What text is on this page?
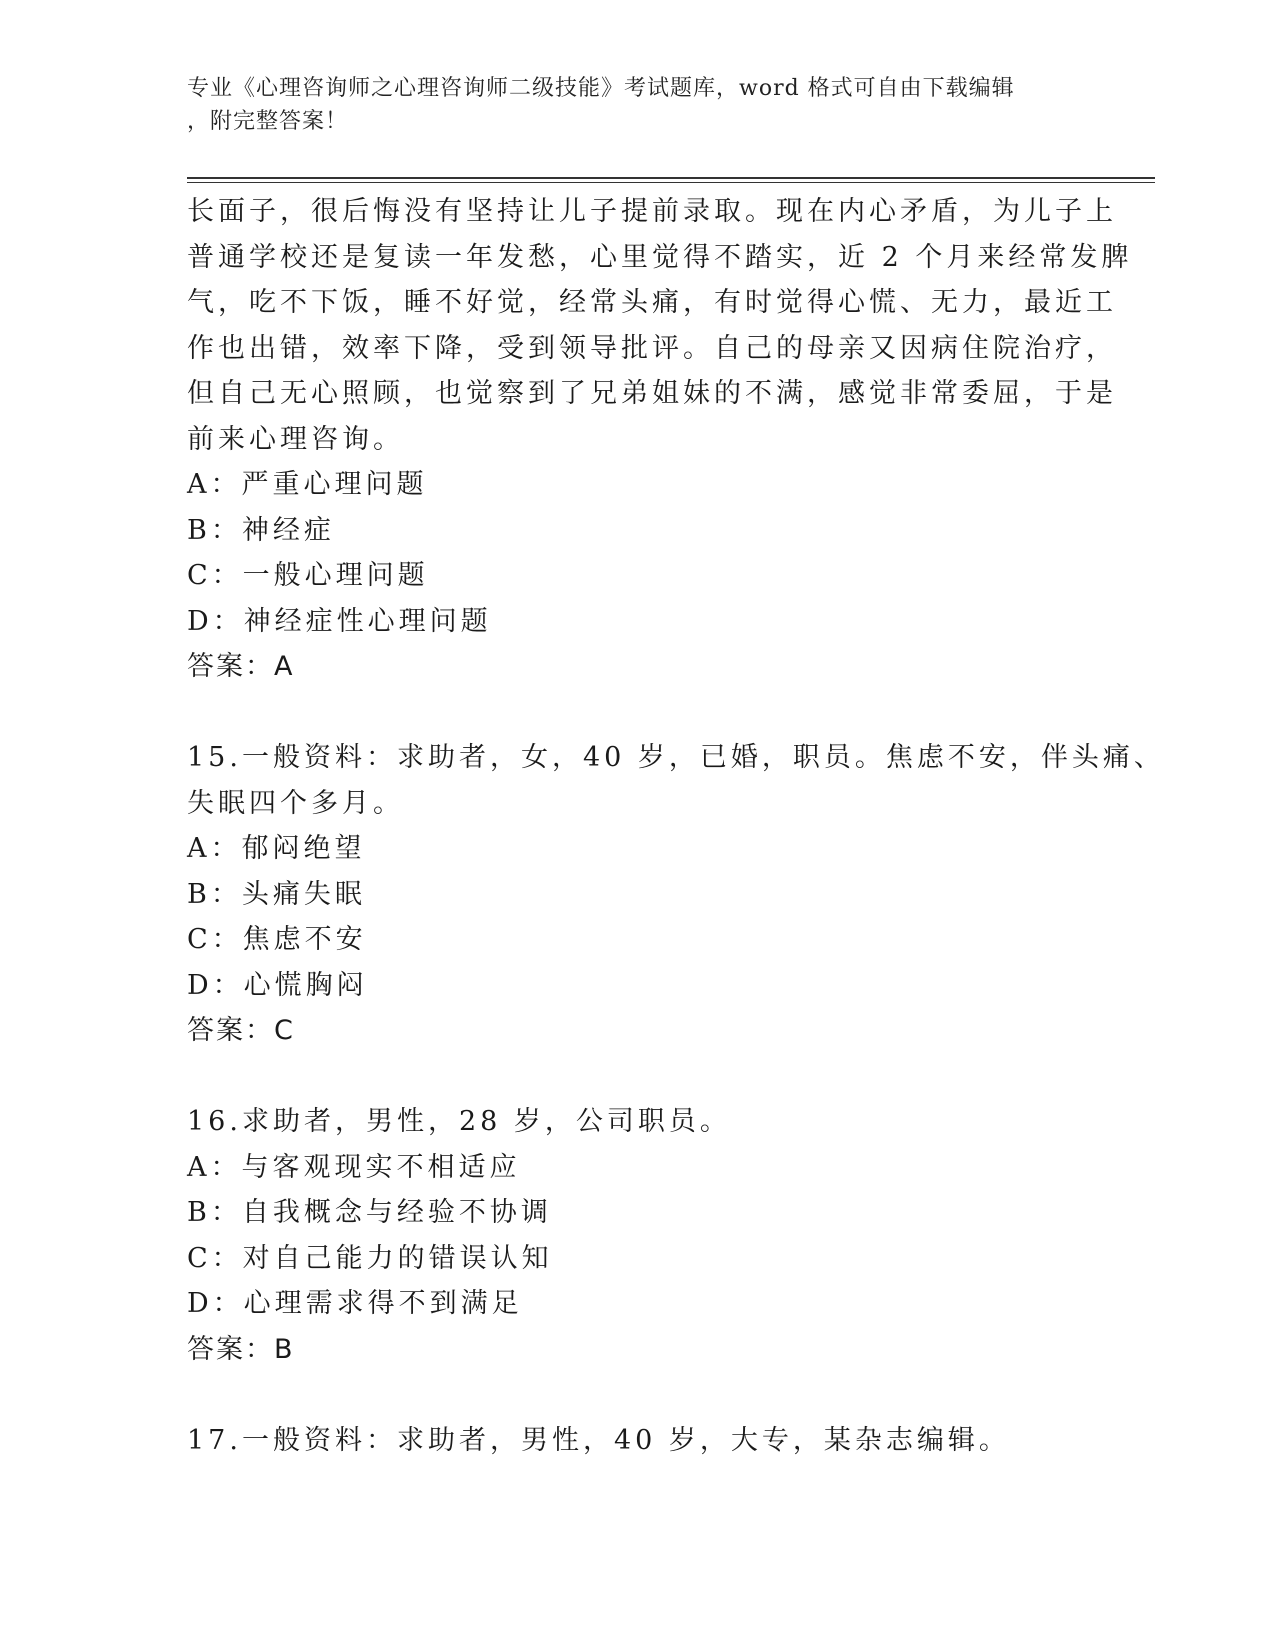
专业《心理咨询师之心理咨询师二级技能》考试题库，word 格式可自由下载编辑
，附完整答案！
长面子，很后悔没有坚持让儿子提前录取。现在内心矛盾，为儿子上
普通学校还是复读一年发愁，心里觉得不踏实，近 2 个月来经常发脾
气，吃不下饭，睡不好觉，经常头痛，有时觉得心慌、无力，最近工
作也出错，效率下降，受到领导批评。自己的母亲又因病住院治疗，
但自己无心照顾，也觉察到了兄弟姐妹的不满，感觉非常委屈，于是
前来心理咨询。
A：严重心理问题
B：神经症
C：一般心理问题
D：神经症性心理问题
答案：A
15.一般资料：求助者，女，40 岁，已婚，职员。焦虑不安，伴头痛、
失眠四个多月。
A：郁闷绝望
B：头痛失眠
C：焦虑不安
D：心慌胸闷
答案：C
16.求助者，男性，28 岁，公司职员。
A：与客观现实不相适应
B：自我概念与经验不协调
C：对自己能力的错误认知
D：心理需求得不到满足
答案：B
17.一般资料：求助者，男性，40 岁，大专，某杂志编辑。
